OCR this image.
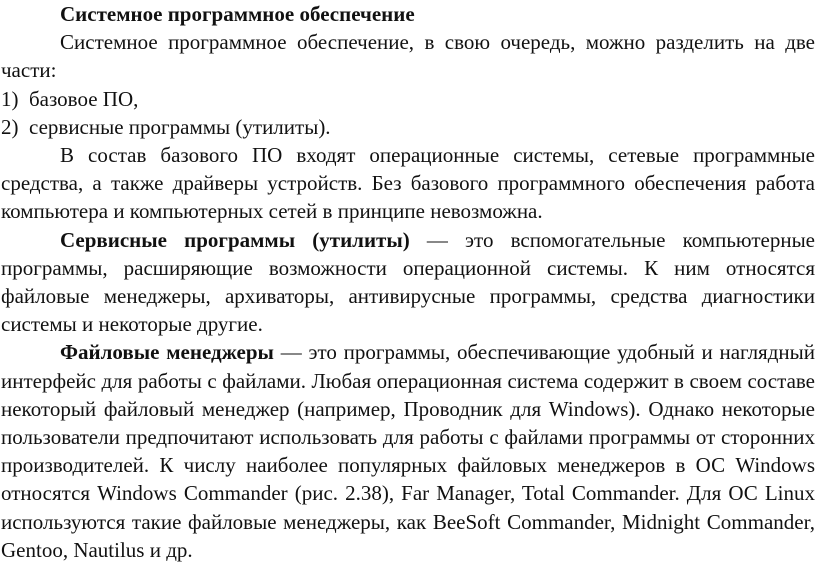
Системное программное обеспечение

Системное программное обеспечение, в свою очередь, можно разделить на две части:

1) базовое ПО,
2) сервисные программы (утилиты).

В состав базового ПО входят операционные системы, сетевые программные средства, а также драйверы устройств. Без базового программного обеспечения работа компьютера и компьютерных сетей в принципе невозможна.

Сервисные программы (утилиты) — это вспомогательные компьютерные программы, расширяющие возможности операционной системы. К ним относятся файловые менеджеры, архиваторы, антивирусные программы, средства диагностики системы и некоторые другие.

Файловые менеджеры — это программы, обеспечивающие удобный и наглядный интерфейс для работы с файлами. Любая операционная система содержит в своем составе некоторый файловый менеджер (например, Проводник для Windows). Однако некоторые пользователи предпочитают использовать для работы с файлами программы от сторонних производителей. К числу наиболее популярных файловых менеджеров в ОС Windows относятся Windows Commander (рис. 2.38), Far Manager, Total Commander. Для ОС Linux используются такие файловые менеджеры, как BeeSoft Commander, Midnight Commander, Gentoo, Nautilus и др.
